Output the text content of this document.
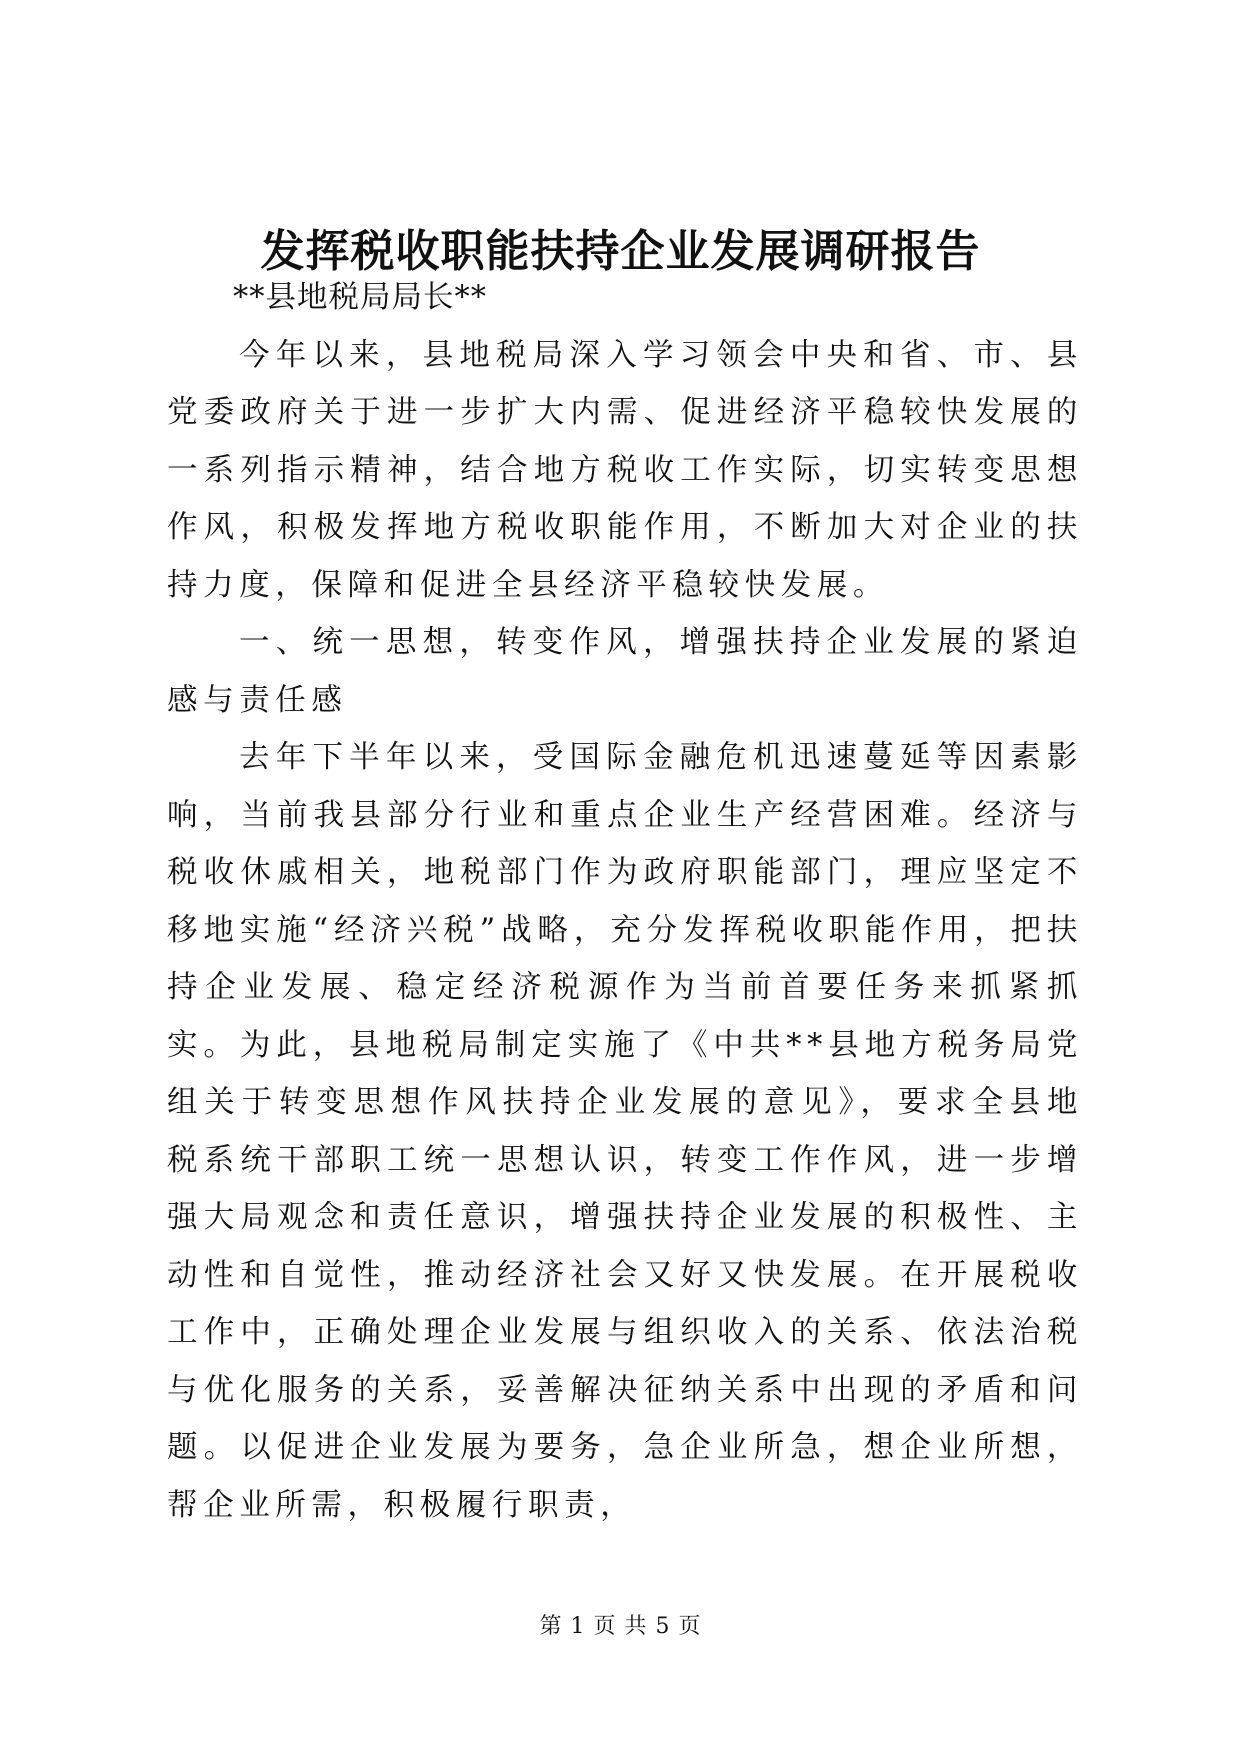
发挥税收职能扶持企业发展调研报告

**县地税局局长**

今年以来，县地税局深入学习领会中央和省、市、县党委政府关于进一步扩大内需、促进经济平稳较快发展的一系列指示精神，结合地方税收工作实际，切实转变思想作风，积极发挥地方税收职能作用，不断加大对企业的扶持力度，保障和促进全县经济平稳较快发展。

一、统一思想，转变作风，增强扶持企业发展的紧迫感与责任感

去年下半年以来，受国际金融危机迅速蔓延等因素影响，当前我县部分行业和重点企业生产经营困难。经济与税收休戚相关，地税部门作为政府职能部门，理应坚定不移地实施“经济兴税”战略，充分发挥税收职能作用，把扶持企业发展、稳定经济税源作为当前首要任务来抓紧抓实。为此，县地税局制定实施了《中共**县地方税务局党组关于转变思想作风扶持企业发展的意见》，要求全县地税系统干部职工统一思想认识，转变工作作风，进一步增强大局观念和责任意识，增强扶持企业发展的积极性、主动性和自觉性，推动经济社会又好又快发展。在开展税收工作中，正确处理企业发展与组织收入的关系、依法治税与优化服务的关系，妥善解决征纳关系中出现的矛盾和问题。以促进企业发展为要务，急企业所急，想企业所想，帮企业所需，积极履行职责，

第 1 页 共 5 页
